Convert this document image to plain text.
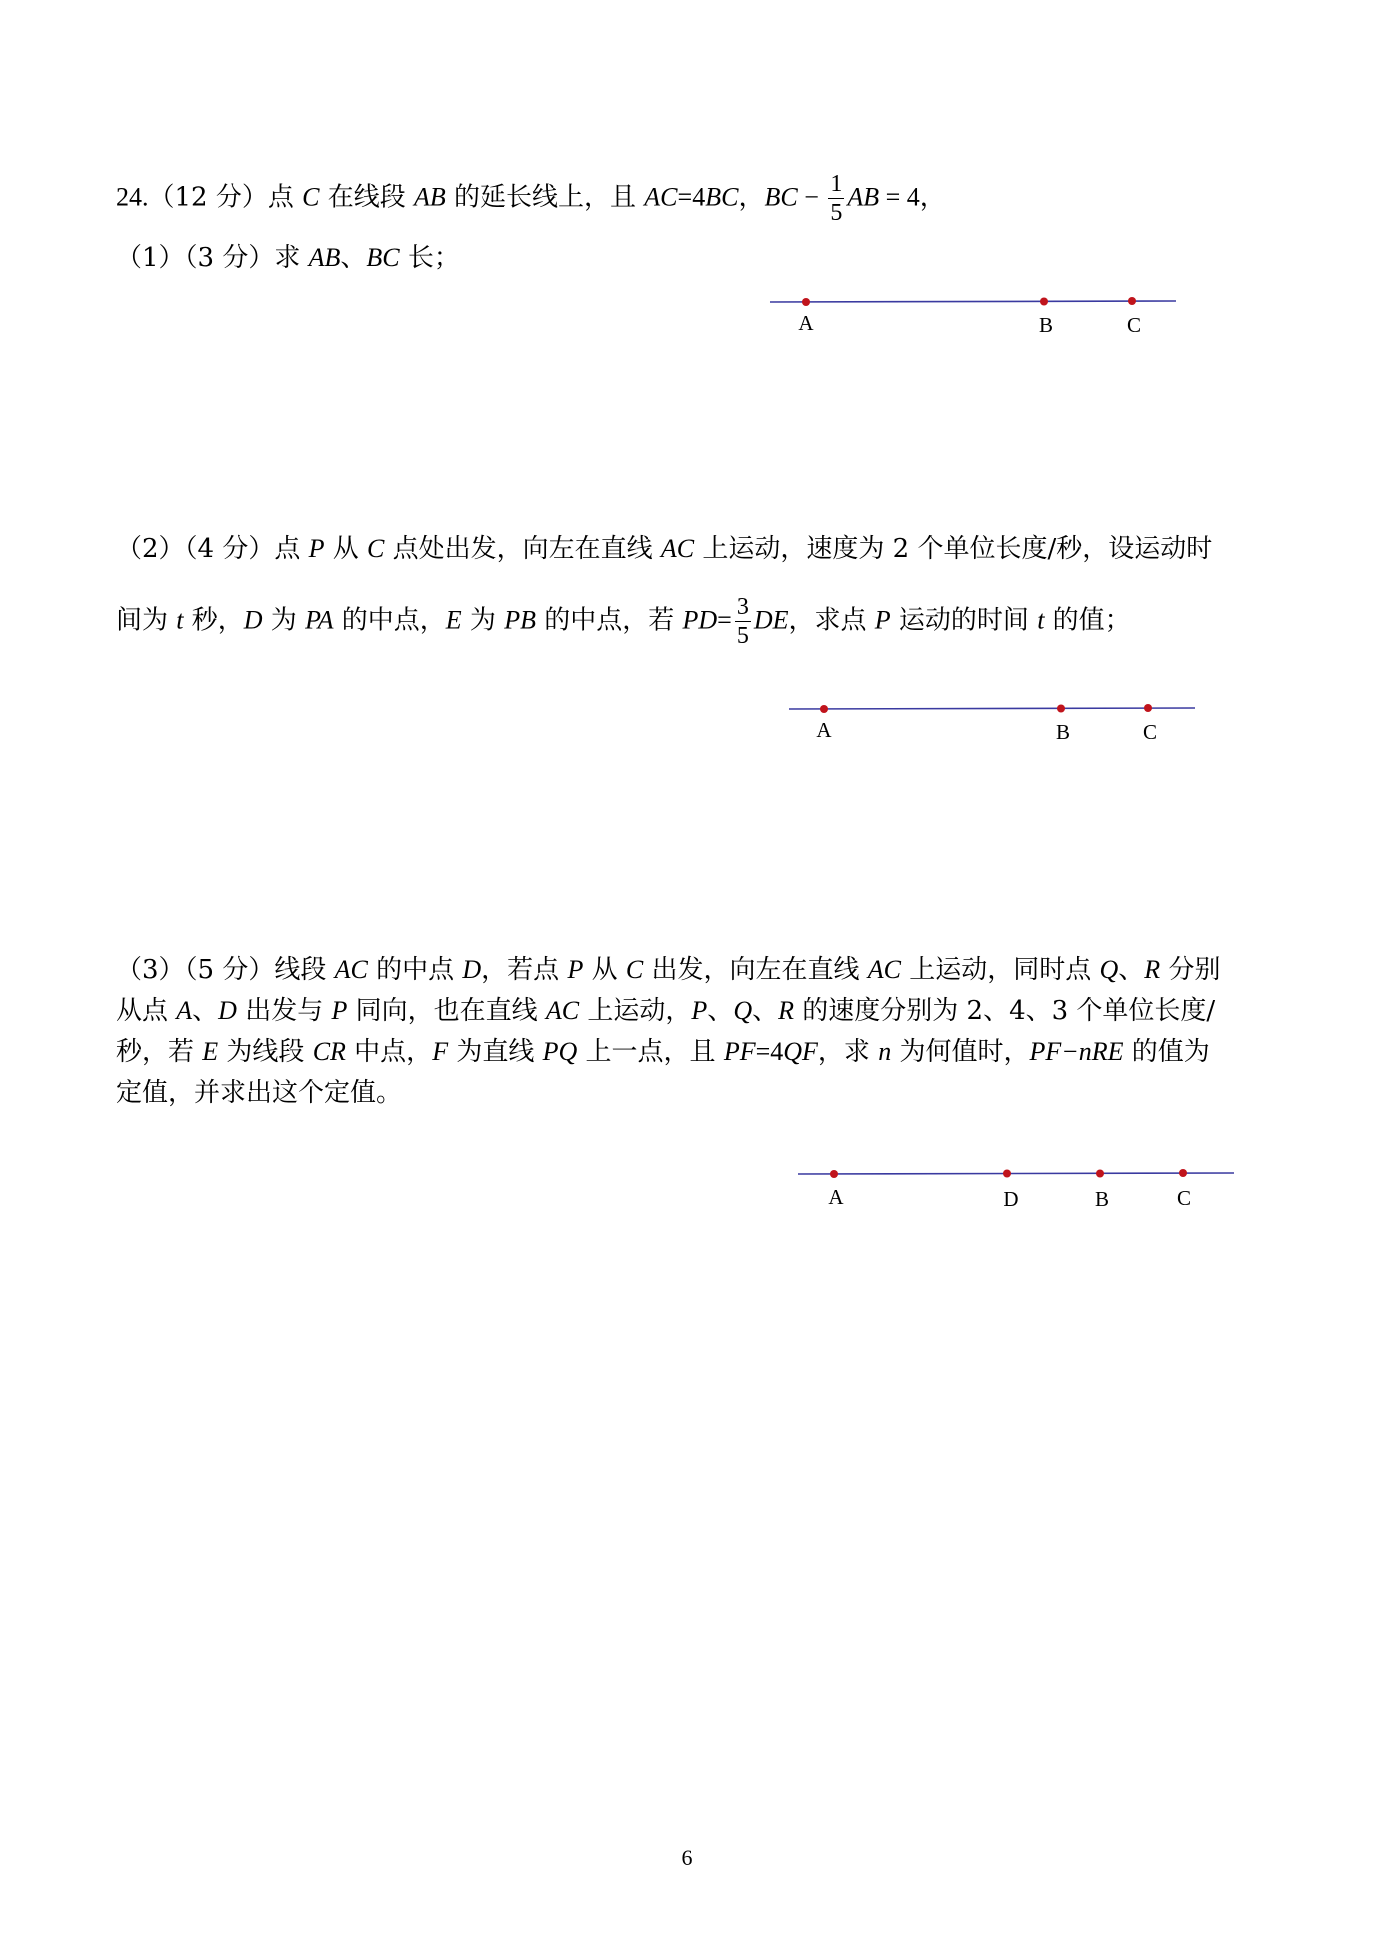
24.（12 分）点 C 在线段 AB 的延长线上，且 AC=4BC，BC − $\frac{1}{5}$ AB = 4，
（1）（3 分）求 AB、BC 长；
A	B	C
（2）（4 分）点 P 从 C 点处出发，向左在直线 AC 上运动，速度为 2 个单位长度/秒，设运动时
间为 t 秒，D 为 PA 的中点，E 为 PB 的中点，若 $PD= \frac{3}{5}$ DE，求点 P 运动的时间 t 的值；
A	B	C
（3）（5 分）线段 AC 的中点 D，若点 P 从 C 出发，向左在直线 AC 上运动，同时点 Q、R 分别
从点 A、D 出发与 P 同向，也在直线 AC 上运动，P、Q、R 的速度分别为 2、4、3 个单位长度/
秒，若 E 为线段 CR 中点，F 为直线 PQ 上一点，且 PF=4QF，求 n 为何值时，PF−nRE 的值为
定值，并求出这个定值。
A	D	B	C
6
